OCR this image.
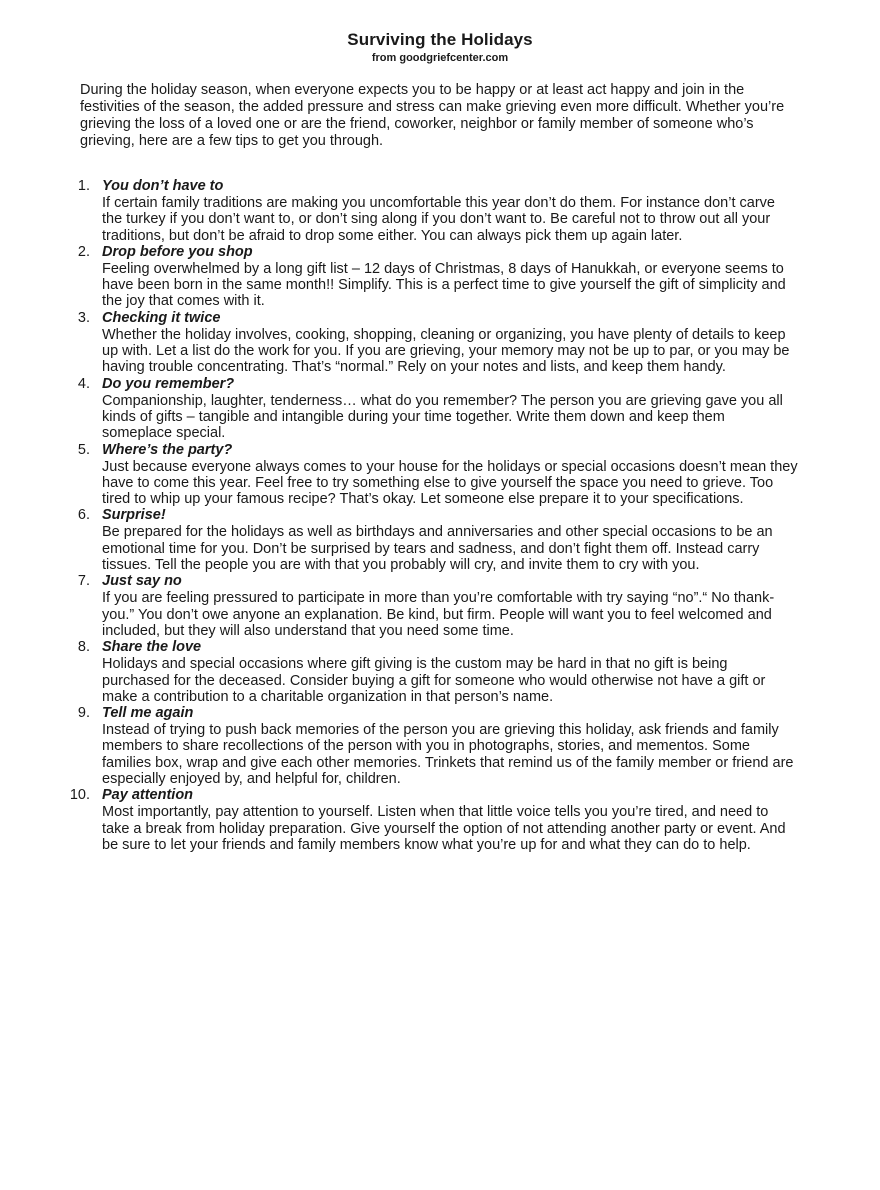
Surviving the Holidays
from goodgriefcenter.com

During the holiday season, when everyone expects you to be happy or at least act happy and join in the festivities of the season, the added pressure and stress can make grieving even more difficult. Whether you’re grieving the loss of a loved one or are the friend, coworker, neighbor or family member of someone who’s grieving, here are a few tips to get you through.

1. You don’t have to
If certain family traditions are making you uncomfortable this year don’t do them. For instance don’t carve the turkey if you don’t want to, or don’t sing along if you don’t want to. Be careful not to throw out all your traditions, but don’t be afraid to drop some either. You can always pick them up again later.
2. Drop before you shop
Feeling overwhelmed by a long gift list – 12 days of Christmas, 8 days of Hanukkah, or everyone seems to have been born in the same month!! Simplify. This is a perfect time to give yourself the gift of simplicity and the joy that comes with it.
3. Checking it twice
Whether the holiday involves, cooking, shopping, cleaning or organizing, you have plenty of details to keep up with. Let a list do the work for you. If you are grieving, your memory may not be up to par, or you may be having trouble concentrating. That’s “normal.” Rely on your notes and lists, and keep them handy.
4. Do you remember?
Companionship, laughter, tenderness… what do you remember? The person you are grieving gave you all kinds of gifts – tangible and intangible during your time together. Write them down and keep them someplace special.
5. Where’s the party?
Just because everyone always comes to your house for the holidays or special occasions doesn’t mean they have to come this year. Feel free to try something else to give yourself the space you need to grieve. Too tired to whip up your famous recipe? That’s okay. Let someone else prepare it to your specifications.
6. Surprise!
Be prepared for the holidays as well as birthdays and anniversaries and other special occasions to be an emotional time for you. Don’t be surprised by tears and sadness, and don’t fight them off. Instead carry tissues. Tell the people you are with that you probably will cry, and invite them to cry with you.
7. Just say no
If you are feeling pressured to participate in more than you’re comfortable with try saying “no”.“ No thank-you.” You don’t owe anyone an explanation. Be kind, but firm. People will want you to feel welcomed and included, but they will also understand that you need some time.
8. Share the love
Holidays and special occasions where gift giving is the custom may be hard in that no gift is being purchased for the deceased. Consider buying a gift for someone who would otherwise not have a gift or make a contribution to a charitable organization in that person’s name.
9. Tell me again
Instead of trying to push back memories of the person you are grieving this holiday, ask friends and family members to share recollections of the person with you in photographs, stories, and mementos. Some families box, wrap and give each other memories. Trinkets that remind us of the family member or friend are especially enjoyed by, and helpful for, children.
10. Pay attention
Most importantly, pay attention to yourself. Listen when that little voice tells you you’re tired, and need to take a break from holiday preparation. Give yourself the option of not attending another party or event. And be sure to let your friends and family members know what you’re up for and what they can do to help.
